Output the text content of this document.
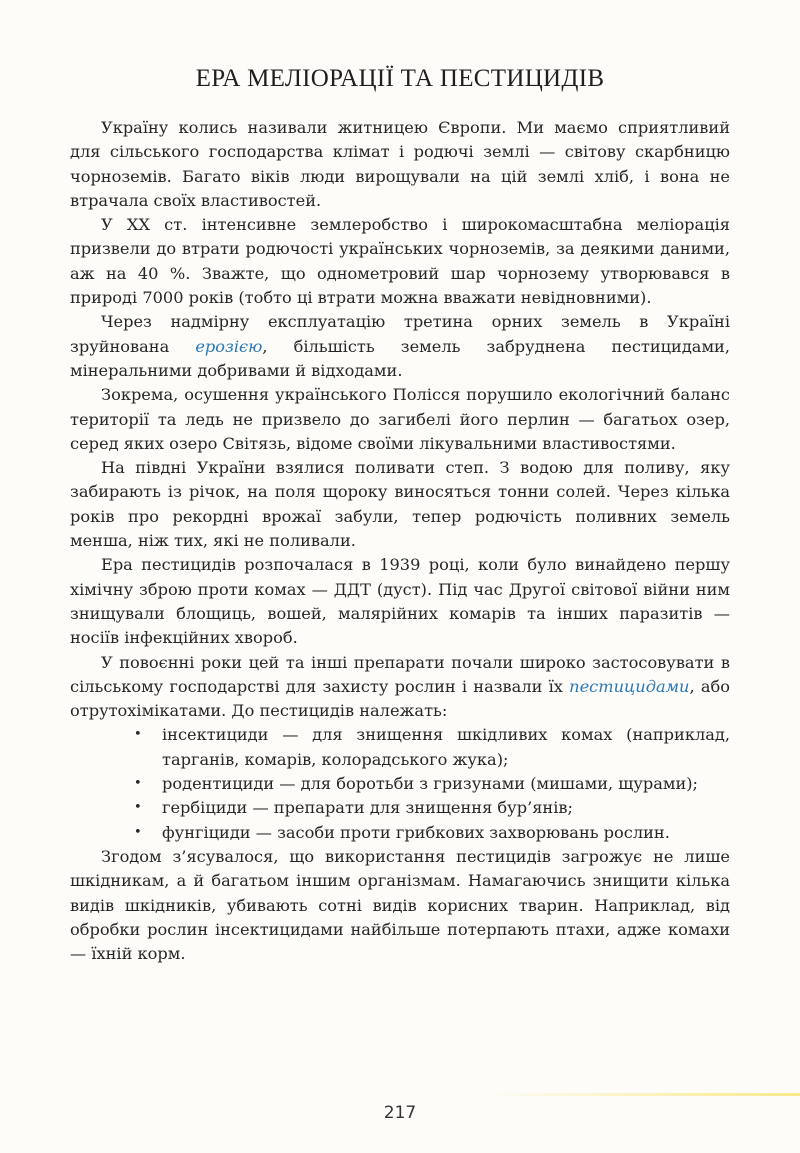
ЕРА МЕЛІОРАЦІЇ ТА ПЕСТИЦИДІВ

Україну колись називали житницею Європи. Ми маємо сприятливий для сільського господарства клімат і родючі землі — світову скарбницю чорноземів. Багато віків люди вирощували на цій землі хліб, і вона не втрачала своїх властивостей.

У ХХ ст. інтенсивне землеробство і широкомасштабна меліорація призвели до втрати родючості українських чорноземів, за деякими даними, аж на 40 %. Зважте, що однометровий шар чорнозему утворювався в природі 7000 років (тобто ці втрати можна вважати невідновними).

Через надмірну експлуатацію третина орних земель в Україні зруйнована ерозією, більшість земель забруднена пестицидами, мінеральними добривами й відходами.

Зокрема, осушення українського Полісся порушило екологічний баланс території та ледь не призвело до загибелі його перлин — багатьох озер, серед яких озеро Світязь, відоме своїми лікувальними властивостями.

На півдні України взялися поливати степ. З водою для поливу, яку забирають із річок, на поля щороку виносяться тонни солей. Через кілька років про рекордні врожаї забули, тепер родючість поливних земель менша, ніж тих, які не поливали.

Ера пестицидів розпочалася в 1939 році, коли було винайдено першу хімічну зброю проти комах — ДДТ (дуст). Під час Другої світової війни ним знищували блощиць, вошей, малярійних комарів та інших паразитів — носіїв інфекційних хвороб.

У повоєнні роки цей та інші препарати почали широко застосовувати в сільському господарстві для захисту рослин і назвали їх пестицидами, або отрутохімікатами. До пестицидів належать:

• інсектициди — для знищення шкідливих комах (наприклад, тарганів, комарів, колорадського жука);
• родентициди — для боротьби з гризунами (мишами, щурами);
• гербіциди — препарати для знищення бур’янів;
• фунгіциди — засоби проти грибкових захворювань рослин.

Згодом з’ясувалося, що використання пестицидів загрожує не лише шкідникам, а й багатьом іншим організмам. Намагаючись знищити кілька видів шкідників, убивають сотні видів корисних тварин. Наприклад, від обробки рослин інсектицидами найбільше потерпають птахи, адже комахи — їхній корм.

217
